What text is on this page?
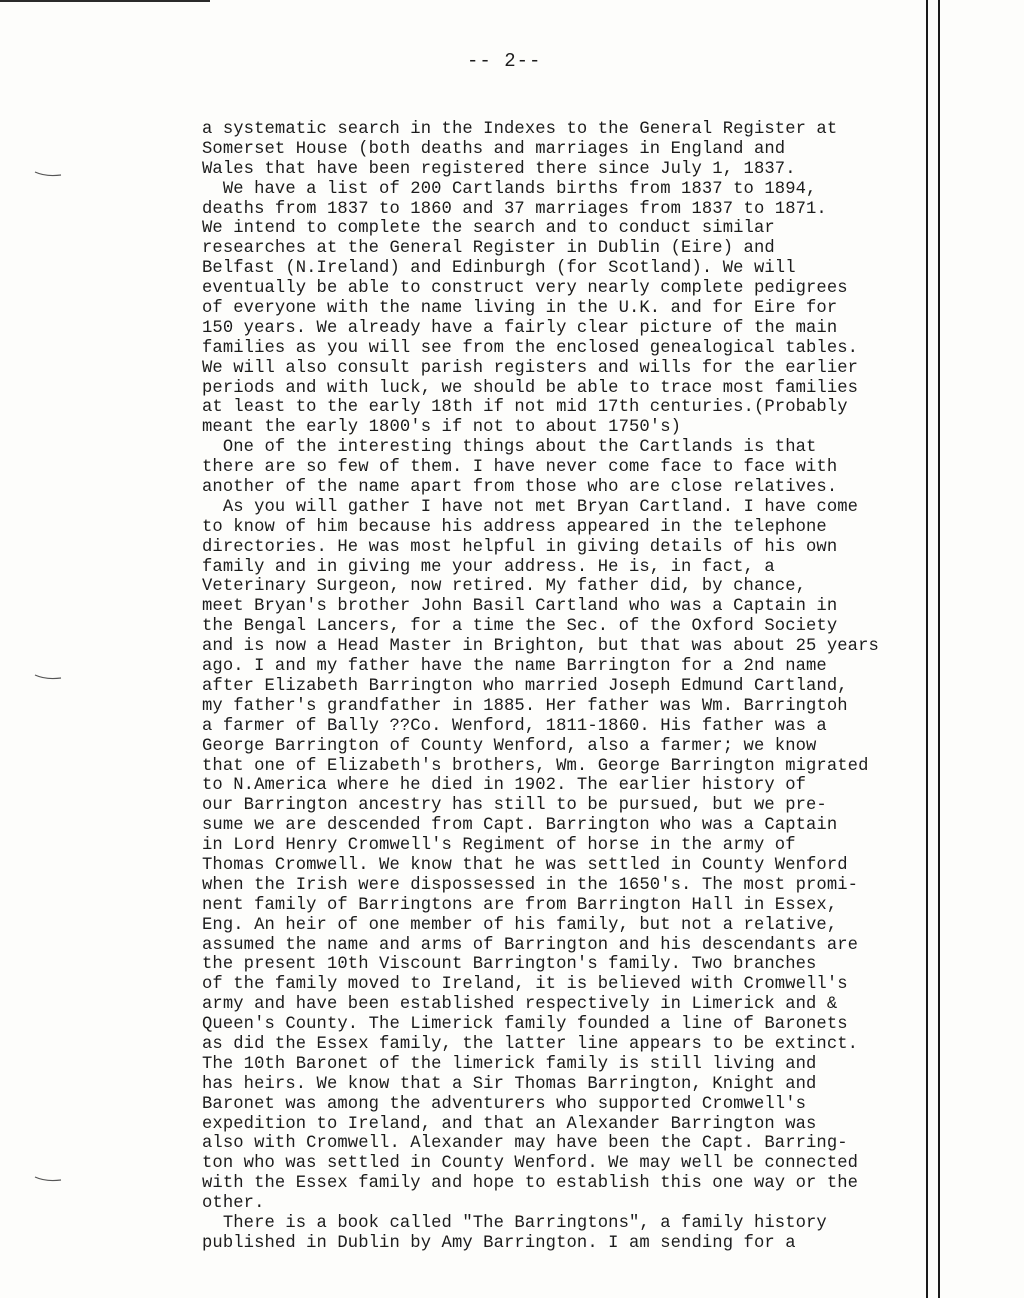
-- 2--
a systematic search in the Indexes to the General Register at
Somerset House (both deaths and marriages in England and
Wales that have been registered there since July 1, 1837.
We have a list of 200 Cartlands births from 1837 to 1894,
deaths from 1837 to 1860 and 37 marriages from 1837 to 1871.
We intend to complete the search and to conduct similar
researches at the General Register in Dublin (Eire) and
Belfast (N.Ireland) and Edinburgh (for Scotland). We will
eventually be able to construct very nearly complete pedigrees
of everyone with the name living in the U.K. and for Eire for
150 years. We already have a fairly clear picture of the main
families as you will see from the enclosed genealogical tables.
We will also consult parish registers and wills for the earlier
periods and with luck, we should be able to trace most families
at least to the early 18th if not mid 17th centuries.(Probably
meant the early 1800's if not to about 1750's)
One of the interesting things about the Cartlands is that
there are so few of them. I have never come face to face with
another of the name apart from those who are close relatives.
As you will gather I have not met Bryan Cartland. I have come
to know of him because his address appeared in the telephone
directories. He was most helpful in giving details of his own
family and in giving me your address. He is, in fact, a
Veterinary Surgeon, now retired. My father did, by chance,
meet Bryan's brother John Basil Cartland who was a Captain in
the Bengal Lancers, for a time the Sec. of the Oxford Society
and is now a Head Master in Brighton, but that was about 25 years
ago. I and my father have the name Barrington for a 2nd name
after Elizabeth Barrington who married Joseph Edmund Cartland,
my father's grandfather in 1885. Her father was Wm. Barringtoh
a farmer of Bally ??Co. Wenford, 1811-1860. His father was a
George Barrington of County Wenford, also a farmer; we know
that one of Elizabeth's brothers, Wm. George Barrington migrated
to N.America where he died in 1902. The earlier history of
our Barrington ancestry has still to be pursued, but we pre-
sume we are descended from Capt. Barrington who was a Captain
in Lord Henry Cromwell's Regiment of horse in the army of
Thomas Cromwell. We know that he was settled in County Wenford
when the Irish were dispossessed in the 1650's. The most promi-
nent family of Barringtons are from Barrington Hall in Essex,
Eng. An heir of one member of his family, but not a relative,
assumed the name and arms of Barrington and his descendants are
the present 10th Viscount Barrington's family. Two branches
of the family moved to Ireland, it is believed with Cromwell's
army and have been established respectively in Limerick and &
Queen's County. The Limerick family founded a line of Baronets
as did the Essex family, the latter line appears to be extinct.
The 10th Baronet of the limerick family is still living and
has heirs. We know that a Sir Thomas Barrington, Knight and
Baronet was among the adventurers who supported Cromwell's
expedition to Ireland, and that an Alexander Barrington was
also with Cromwell. Alexander may have been the Capt. Barring-
ton who was settled in County Wenford. We may well be connected
with the Essex family and hope to establish this one way or the
other.
There is a book called "The Barringtons", a family history
published in Dublin by Amy Barrington. I am sending for a
